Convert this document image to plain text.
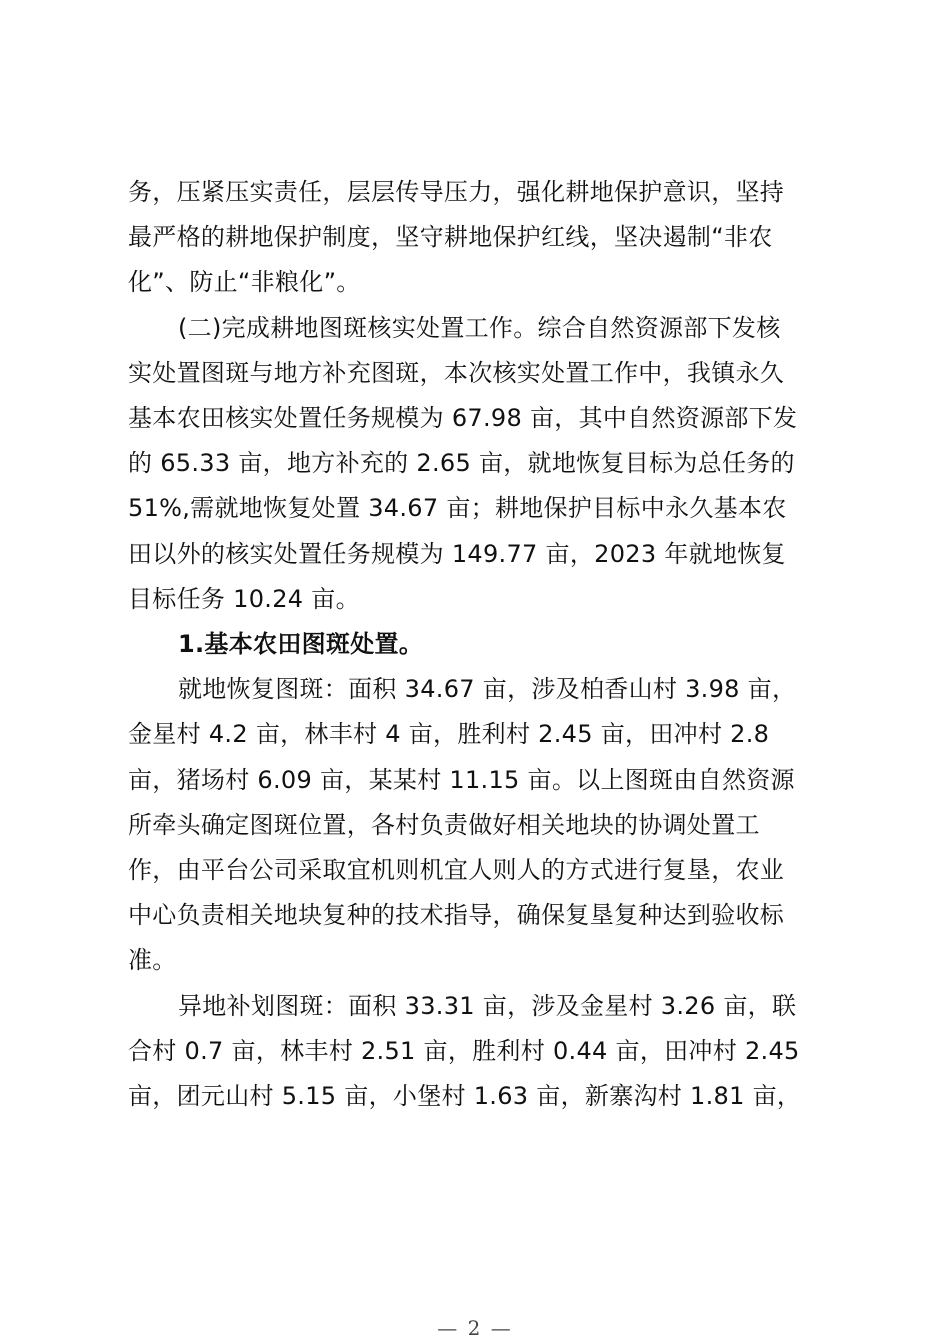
务，压紧压实责任，层层传导压力，强化耕地保护意识，坚持
最严格的耕地保护制度，坚守耕地保护红线，坚决遏制“非农
化”、防止“非粮化”。

(二)完成耕地图斑核实处置工作。综合自然资源部下发核
实处置图斑与地方补充图斑，本次核实处置工作中，我镇永久
基本农田核实处置任务规模为 67.98 亩，其中自然资源部下发
的 65.33 亩，地方补充的 2.65 亩，就地恢复目标为总任务的
51%,需就地恢复处置 34.67 亩；耕地保护目标中永久基本农
田以外的核实处置任务规模为 149.77 亩，2023 年就地恢复
目标任务 10.24 亩。

1.基本农田图斑处置。

就地恢复图斑：面积 34.67 亩，涉及柏香山村 3.98 亩，
金星村 4.2 亩，林丰村 4 亩，胜利村 2.45 亩，田冲村 2.8
亩，猪场村 6.09 亩，某某村 11.15 亩。以上图斑由自然资源
所牵头确定图斑位置，各村负责做好相关地块的协调处置工
作，由平台公司采取宜机则机宜人则人的方式进行复垦，农业
中心负责相关地块复种的技术指导，确保复垦复种达到验收标
准。

异地补划图斑：面积 33.31 亩，涉及金星村 3.26 亩，联
合村 0.7 亩，林丰村 2.51 亩，胜利村 0.44 亩，田冲村 2.45
亩，团元山村 5.15 亩，小堡村 1.63 亩，新寨沟村 1.81 亩，

— 2 —
